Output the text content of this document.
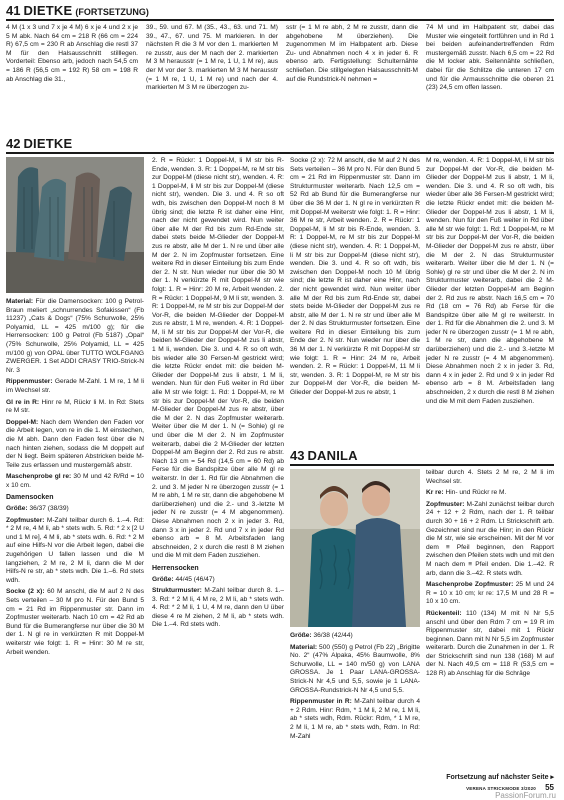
41 DIETKE (FORTSETZUNG)

4 M (1 x 3 und 7 x je 4 M) 6 x je 4 und 2 x je 5 M abk. Nach 64 cm = 218 R (66 cm = 224 R) 67,5 cm = 230 R ab Anschlag die restl 37 M für den Halsausschnitt stilllegen. Vorderteil: Ebenso arb, jedoch nach 54,5 cm = 186 R (56,5 cm = 192 R) 58 cm = 198 R ab Anschlag die 31.,

39., 59. und 67. M (35., 43., 63. und 71. M) 39., 47., 67. und 75. M markieren. In der nächsten R die 3 M vor den 1. markierten M re zusstr, aus der M nach der 2. markierten M 3 M herausstr (= 1 M re, 1 U, 1 M re), aus der M vor der 3. markierten M 3 M herausstr (= 1 M re, 1 U, 1 M re) und nach der 4. markierten M 3 M re überzogen zu-

sstr (= 1 M re abh, 2 M re zusstr, dann die abgehobene M überziehen). Die zugenommen M im Halbpatent arb. Diese Zu- und Abnahmen noch 4 x in jeder 6. R ebenso arb. Fertigstellung: Schulternähte schließen. Die stillgelegten Halsausschnitt-M auf die Rundstrick-N nehmen =

74 M und im Halbpatent str, dabei das Muster wie eingeteilt fortführen und in Rd 1 bei beiden aufeinandertreffenden Rdm mustergemäß zusstr. Nach 6,5 cm = 22 Rd die M locker abk. Seitennähte schließen, dabei für die Schlitze die unteren 17 cm und für die Armausschnitte die oberen 21 (23) 24,5 cm offen lassen.

42 DIETKE

Material: Für die Damensocken: 100 g Petrol-Braun meliert „schnurrendes Sofakissen“ (Fb 11237) „Cats & Dogs“ (75% Schurwolle, 25% Polyamid, LL = 425 m/100 g); für die Herrensocken: 100 g Petrol (Fb 5187) „Opal“ (75% Schurwolle, 25% Polyamid, LL = 425 m/100 g) von OPAL über TUTTO WOLFGANG ZWERGER. 1 Set ADDI CRASY TRIO-Strick-N Nr. 3

Rippenmuster: Gerade M-Zahl. 1 M re, 1 M li im Wechsel str.

Gl re in R: Hinr re M, Rückr li M. In Rd: Stets re M str.

Doppel-M: Nach dem Wenden den Faden vor die Arbeit legen, von re in die 1. M einstechen, die M abh. Dann den Faden fest über die N nach hinten ziehen, sodass die M doppelt auf der N liegt. Beim späteren Abstricken beide M-Teile zus erfassen und mustergemäß abstr.

Maschenprobe gl re: 30 M und 42 R/Rd = 10 x 10 cm.

Damensocken

Größe: 36/37 (38/39)

Zopfmuster: M-Zahl teilbar durch 6. 1.–4. Rd: * 2 M re, 4 M li, ab * stets wdh. 5. Rd: * 2 x [2 U und 1 M re], 4 M li, ab * stets wdh. 6. Rd: * 2 M auf eine Hilfs-N vor die Arbeit legen, dabei die zugehörigen U fallen lassen und die M langziehen, 2 M re, 2 M li, dann die M der Hilfs-N re str, ab * stets wdh. Die 1.–6. Rd stets wdh.

Socke (2 x): 60 M anschl, die M auf 2 N des Sets verteilen – 30 M pro N. Für den Bund 5 cm = 21 Rd im Rippenmuster str. Dann im Zopfmuster weiterarb. Nach 10 cm = 42 Rd ab Bund für die Bumerangferse nur über die 30 M der 1. N gl re in verkürzten R mit Doppel-M weiterstr wie folgt: 1. R = Hinr: 30 M re str, Arbeit wenden.

2. R = Rückr: 1 Doppel-M, li M str bis R-Ende, wenden. 3. R: 1 Doppel-M, re M str bis zur Doppel-M (diese nicht str), wenden. 4. R: 1 Doppel-M, li M str bis zur Doppel-M (diese nicht str), wenden. Die 3. und 4. R so oft wdh, bis zwischen den Doppel-M noch 8 M übrig sind; die letzte R ist daher eine Hinr, nach der nicht gewendet wird. Nun weiter über alle M der Rd bis zum Rd-Ende str, dabei stets beide M-Glieder der Doppel-M zus re abstr, alle M der 1. N re und über alle M der 2. N im Zopfmuster fortsetzen. Eine weitere Rd in dieser Einteilung bis zum Ende der 2. N str. Nun wieder nur über die 30 M der 1. N verkürzte R mit Doppel-M str wie folgt: 1. R = Hinr: 20 M re, Arbeit wenden. 2. R = Rückr: 1 Doppel-M, 9 M li str, wenden. 3. R: 1 Doppel-M, re M str bis zur Doppel-M der Vor-R, die beiden M-Glieder der Doppel-M zus re abstr, 1 M re, wenden. 4. R: 1 Doppel-M, li M str bis zur Doppel-M der Vor-R, die beiden M-Glieder der Doppel-M zus li abstr, 1 M li, wenden. Die 3. und 4. R so oft wdh, bis wieder alle 30 Fersen-M gestrickt wird; die letzte Rückr endet mit: die beiden M-Glieder der Doppel-M zus li abstr, 1 M li, wenden. Nun für den Fuß weiter in Rd über alle M str wie folgt: 1. Rd: 1 Doppel-M, re M str bis zur Doppel-M der Vor-R, die beiden M-Glieder der Doppel-M zus re abstr, über die M der 2. N das Zopfmuster weiterarb. Weiter über die M der 1. N (= Sohle) gl re und über die M der 2. N im Zopfmuster weiterarb, dabei die 2 M-Glieder der letzten Doppel-M am Beginn der 2. Rd zus re abstr. Nach 13 cm = 54 Rd (14,5 cm = 60 Rd) ab Ferse für die Bandspitze über alle M gl re weiterstr. In der 1. Rd für die Abnahmen die 2. und 3. M jeder N re überzogen zusstr (= 1 M re abh, 1 M re str, dann die abgehobene M darüberziehen) und die 2.- und 3.-letzte M jeder N re zusstr (= 4 M abgenommen). Diese Abnahmen noch 2 x in jeder 3. Rd, dann 3 x in jeder 2. Rd und 7 x in jeder Rd ebenso arb = 8 M. Arbeitsfaden lang abschneiden, 2 x durch die restl 8 M ziehen und die M mit dem Faden zusziehen.

Herrensocken

Größe: 44/45 (46/47)

Strukturmuster: M-Zahl teilbar durch 8. 1.–3. Rd: * 2 M li, 4 M re, 2 M li, ab * stets wdh. 4. Rd: * 2 M li, 1 U, 4 M re, dann den U über diese 4 re M ziehen, 2 M li, ab * stets wdh. Die 1.–4. Rd stets wdh.

Socke (2 x): 72 M anschl, die M auf 2 N des Sets verteilen – 36 M pro N. Für den Bund 5 cm = 21 Rd im Rippenmuster str. Dann im Strukturmuster weiterarb. Nach 12,5 cm = 52 Rd ab Bund für die Bumerangferse nur über die 36 M der 1. N gl re in verkürzten R mit Doppel-M weiterstr wie folgt: 1. R = Hinr: 36 M re str, Arbeit wenden. 2. R = Rückr: 1 Doppel-M, li M str bis R-Ende, wenden. 3. R: 1 Doppel-M, re M str bis zur Doppel-M (diese nicht str), wenden. 4. R: 1 Doppel-M, li M str bis zur Doppel-M (diese nicht str), wenden. Die 3. und 4. R so oft wdh, bis zwischen den Doppel-M noch 10 M übrig sind; die letzte R ist daher eine Hinr, nach der nicht gewendet wird. Nun weiter über alle M der Rd bis zum Rd-Ende str, dabei stets beide M-Glieder der Doppel-M zus re abstr, alle M der 1. N re str und über alle M der 2. N das Strukturmuster fortsetzen. Eine weitere Rd in dieser Einteilung bis zum Ende der 2. N str. Nun wieder nur über die 36 M der 1. N verkürzte R mit Doppel-M str wie folgt: 1. R = Hinr: 24 M re, Arbeit wenden. 2. R = Rückr: 1 Doppel-M, 11 M li str, wenden. 3. R: 1 Doppel-M, re M str bis zur Doppel-M der Vor-R, die beiden M-Glieder der Doppel-M zus re abstr, 1

M re, wenden. 4. R: 1 Doppel-M, li M str bis zur Doppel-M der Vor-R, die beiden M-Glieder der Doppel-M zus li abstr, 1 M li, wenden. Die 3. und 4. R so oft wdh, bis wieder über alle 36 Fersen-M gestrickt wird; die letzte Rückr endet mit: die beiden M-Glieder der Doppel-M zus li abstr, 1 M li, wenden. Nun für den Fuß weiter in Rd über alle M str wie folgt: 1. Rd: 1 Doppel-M, re M str bis zur Doppel-M der Vor-R, die beiden M-Glieder der Doppel-M zus re abstr, über die M der 2. N das Strukturmuster weiterarb. Weiter über die M der 1. N (= Sohle) gl re str und über die M der 2. N im Strukturmuster weiterarb, dabei die 2 M-Glieder der letzten Doppel-M am Beginn der 2. Rd zus re abstr. Nach 16,5 cm = 70 Rd (18 cm = 76 Rd) ab Ferse für die Bandspitze über alle M gl re weiterstr. In der 1. Rd für die Abnahmen die 2. und 3. M jeder N re überzogen zusstr (= 1 M re abh, 1 M re str, dann die abgehobene M darüberziehen) und die 2.- und 3.-letzte M jeder N re zusstr (= 4 M abgenommen). Diese Abnahmen noch 2 x in jeder 3. Rd, dann 4 x in jeder 2. Rd und 9 x in jeder Rd ebenso arb = 8 M. Arbeitsfaden lang abschneiden, 2 x durch die restl 8 M ziehen und die M mit dem Faden zusziehen.

43 DANILA

Größe: 36/38 (42/44)

Material: 500 (550) g Petrol (Fb 22) „Brigitte No. 2“ (47% Alpaka, 45% Baumwolle, 8% Schurwolle, LL = 140 m/50 g) von LANA GROSSA. Je 1 Paar LANA-GROSSA-Strick-N Nr 4,5 und 5,5, sowie je 1 LANA-GROSSA-Rundstrick-N Nr 4,5 und 5,5.

Rippenmuster in R: M-Zahl teilbar durch 4 + 2 Rdm. Hinr: Rdm, * 1 M li, 2 M re, 1 M li, ab * stets wdh, Rdm. Rückr: Rdm, * 1 M re, 2 M li, 1 M re, ab * stets wdh, Rdm. In Rd: M-Zahl

teilbar durch 4. Stets 2 M re, 2 M li im Wechsel str.

Kr re: Hin- und Rückr re M.

Zopfmuster: M-Zahl zunächst teilbar durch 24 + 12 + 2 Rdm, nach der 1. R teilbar durch 30 + 16 + 2 Rdm. Lt Strickschrift arb. Gezeichnet sind nur die Hinr; in den Rückr die M str, wie sie erscheinen. Mit der M vor dem ≡ Pfeil beginnen, den Rapport zwischen den Pfeilen stets wdh und mit den M nach dem ≡ Pfeil enden. Die 1.–42. R arb, dann die 3.–42. R stets wdh.

Maschenprobe Zopfmuster: 25 M und 24 R = 10 x 10 cm; kr re: 17,5 M und 28 R = 10 x 10 cm.

Rückenteil: 110 (134) M mit N Nr 5,5 anschl und über den Rdm 7 cm = 19 R im Rippenmuster str, dabei mit 1 Rückr beginnen. Dann mit N Nr 5,5 im Zopfmuster weiterarb. Durch die Zunahmen in der 1. R der Strickschrift sind nun 138 (168) M auf der N. Nach 49,5 cm = 118 R (53,5 cm = 128 R) ab Anschlag für die Schräge

Fortsetzung auf nächster Seite ▸
VERENA STRICKMODE 3/2020 55
PassionForum.ru
